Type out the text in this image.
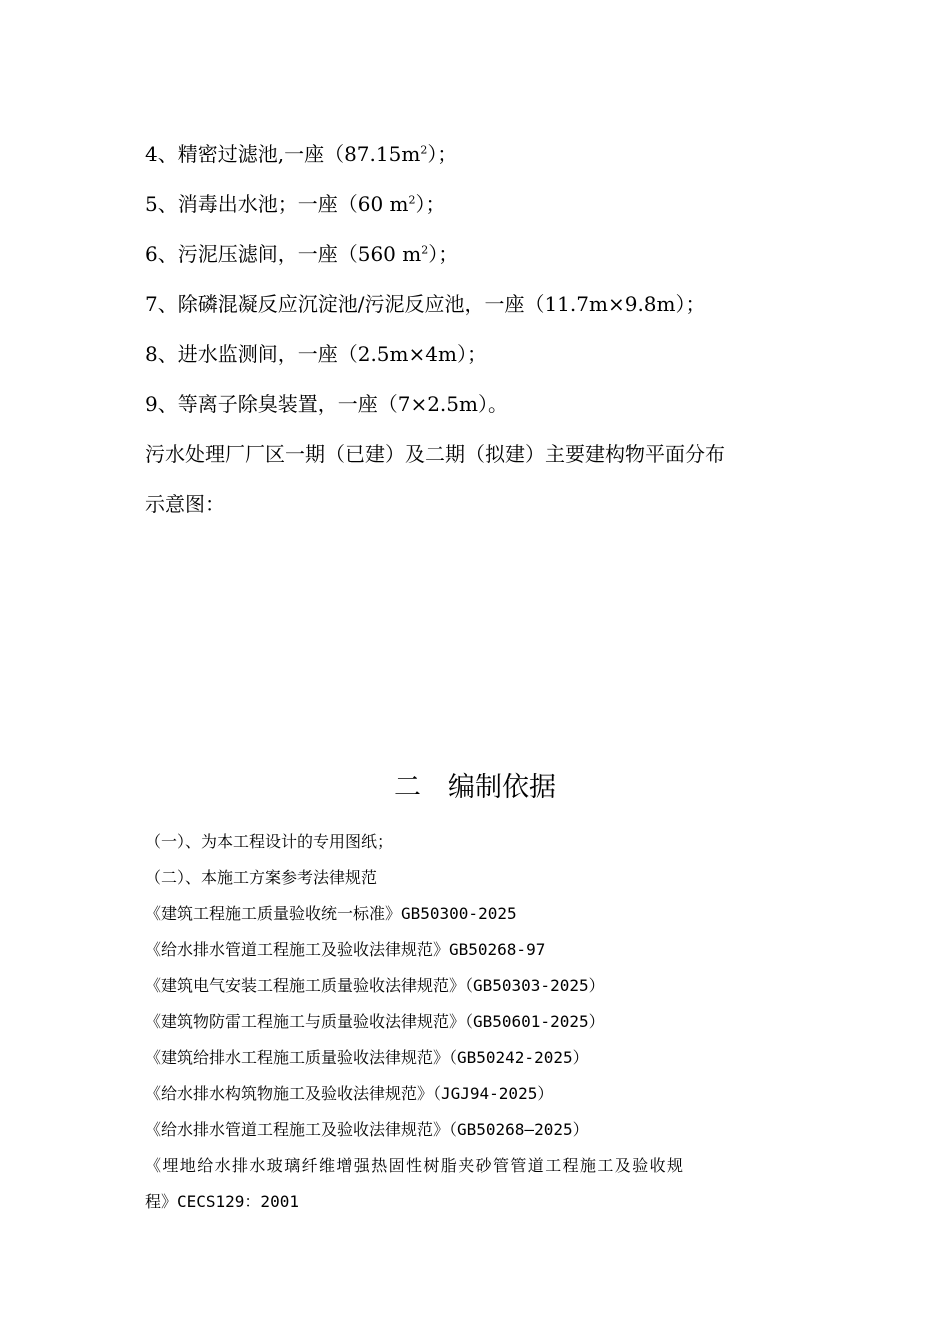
4、精密过滤池,一座$(87.15m^2)$；
5、消毒出水池；一座（60 $m^2$）；
6、污泥压滤间，一座（560 $m^2$）；
7、除磷混凝反应沉淀池/污泥反应池，一座（11.7m×9.8m）；
8、进水监测间，一座（2.5m×4m）；
9、等离子除臭装置，一座（7×2.5m）。
污水处理厂厂区一期（已建）及二期（拟建）主要建构物平面分布
示意图：
二　编制依据
（一）、为本工程设计的专用图纸；
（二）、本施工方案参考法律规范
《建筑工程施工质量验收统一标准》GB50300-2025
《给水排水管道工程施工及验收法律规范》GB50268-97
《建筑电气安装工程施工质量验收法律规范》（GB50303-2025）
《建筑物防雷工程施工与质量验收法律规范》（GB50601-2025）
《建筑给排水工程施工质量验收法律规范》（GB50242-2025）
《给水排水构筑物施工及验收法律规范》（JGJ94-2025）
《给水排水管道工程施工及验收法律规范》（GB50268—2025）
《埋地给水排水玻璃纤维增强热固性树脂夹砂管管道工程施工及验收规
程》CECS129：2001
